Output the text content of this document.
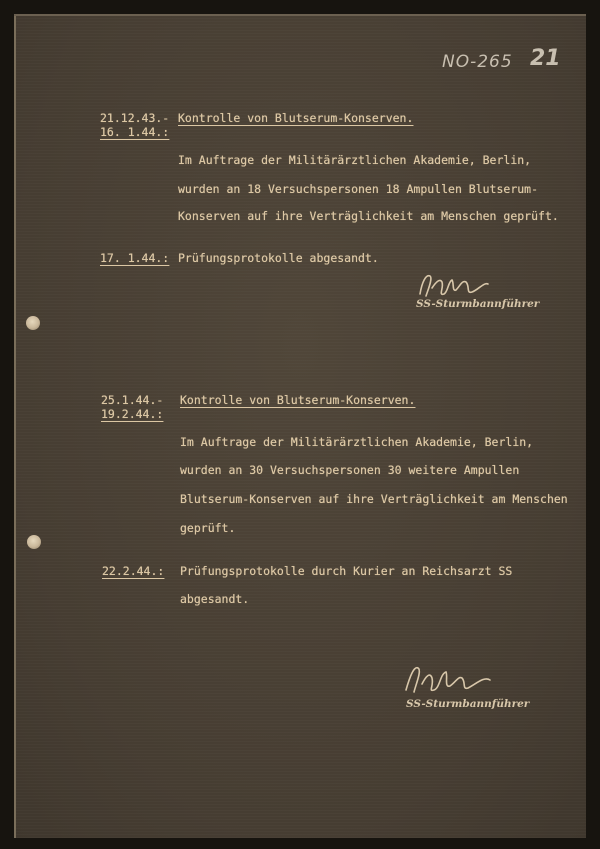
NO-265 21
21.12.43.-
16. 1.44.:
Kontrolle von Blutserum-Konserven.
Im Auftrage der Militärärztlichen Akademie, Berlin,
wurden an 18 Versuchspersonen 18 Ampullen Blutserum-
Konserven auf ihre Verträglichkeit am Menschen geprüft.
17. 1.44.: Prüfungsprotokolle abgesandt.
SS-Sturmbannführer
25.1.44.-
19.2.44.:
Kontrolle von Blutserum-Konserven.
Im Auftrage der Militärärztlichen Akademie, Berlin,
wurden an 30 Versuchspersonen 30 weitere Ampullen
Blutserum-Konserven auf ihre Verträglichkeit am Menschen
geprüft.
22.2.44.: Prüfungsprotokolle durch Kurier an Reichsarzt SS
abgesandt.
SS-Sturmbannführer
